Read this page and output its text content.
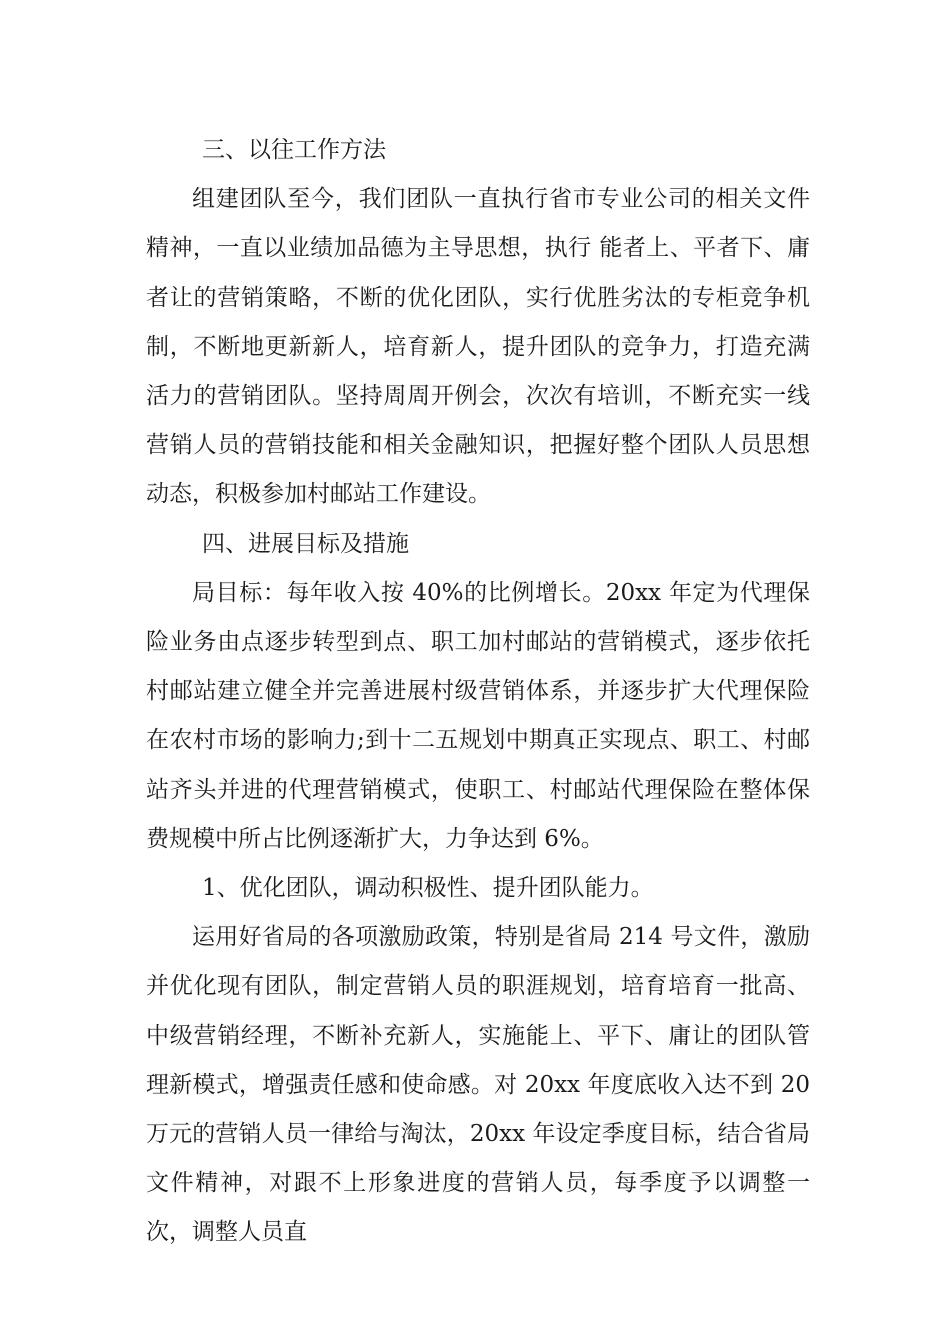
三、以往工作方法

组建团队至今，我们团队一直执行省市专业公司的相关文件精神，一直以业绩加品德为主导思想，执行 能者上、平者下、庸者让的营销策略，不断的优化团队，实行优胜劣汰的专柜竞争机制，不断地更新新人，培育新人，提升团队的竞争力，打造充满活力的营销团队。坚持周周开例会，次次有培训，不断充实一线营销人员的营销技能和相关金融知识，把握好整个团队人员思想动态，积极参加村邮站工作建设。

四、进展目标及措施

局目标：每年收入按 40%的比例增长。20xx 年定为代理保险业务由点逐步转型到点、职工加村邮站的营销模式，逐步依托村邮站建立健全并完善进展村级营销体系，并逐步扩大代理保险在农村市场的影响力;到十二五规划中期真正实现点、职工、村邮站齐头并进的代理营销模式，使职工、村邮站代理保险在整体保费规模中所占比例逐渐扩大，力争达到 6%。

1、优化团队，调动积极性、提升团队能力。

运用好省局的各项激励政策，特别是省局 214 号文件，激励并优化现有团队，制定营销人员的职涯规划，培育培育一批高、中级营销经理，不断补充新人，实施能上、平下、庸让的团队管理新模式，增强责任感和使命感。对 20xx 年度底收入达不到 20 万元的营销人员一律给与淘汰，20xx 年设定季度目标，结合省局文件精神，对跟不上形象进度的营销人员，每季度予以调整一次，调整人员直
